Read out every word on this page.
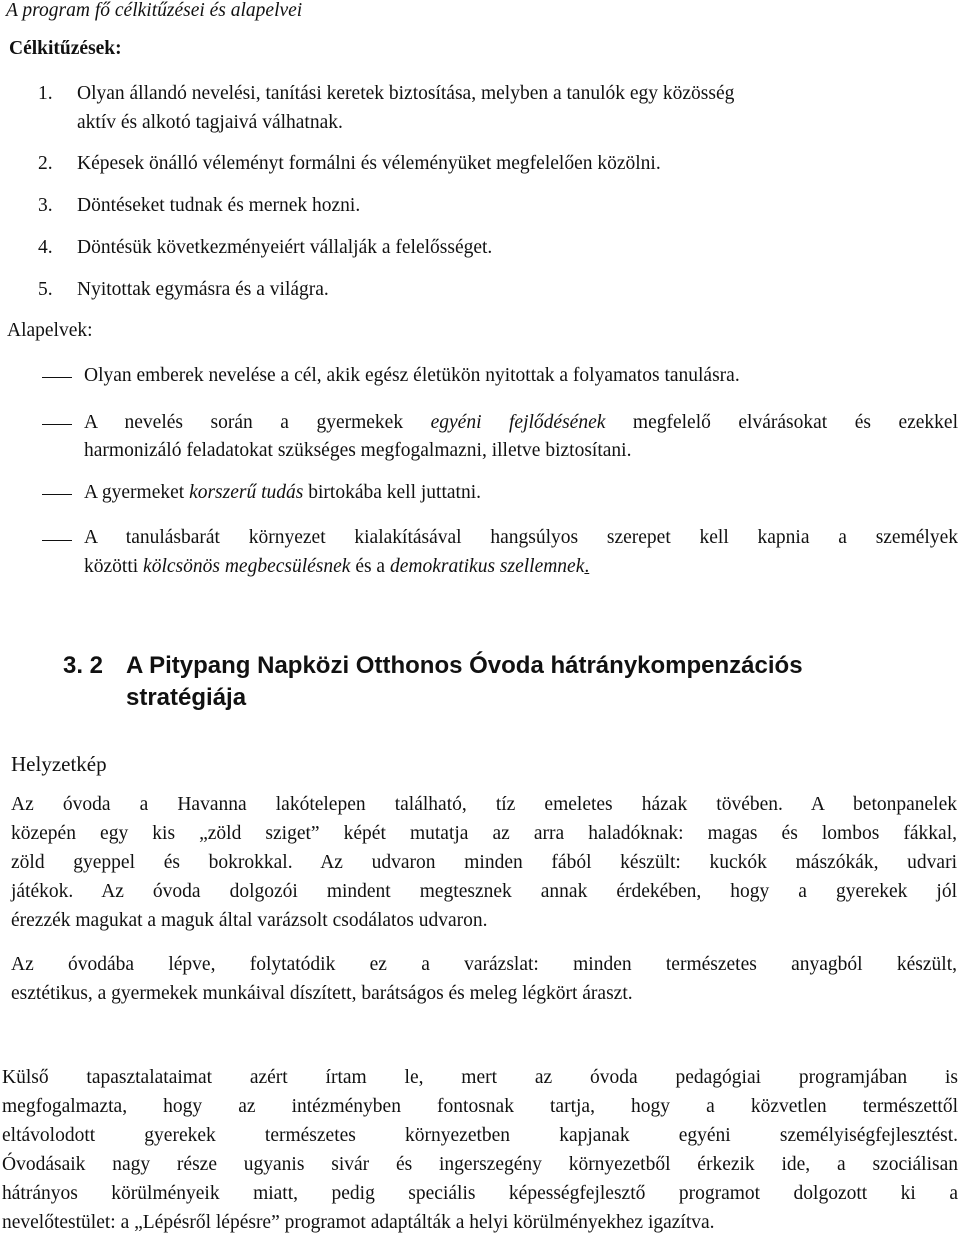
A program fő célkitűzései és alapelvei
Célkitűzések:
1. Olyan állandó nevelési, tanítási keretek biztosítása, melyben a tanulók egy közösség
aktív és alkotó tagjaivá válhatnak.
2. Képesek önálló véleményt formálni és véleményüket megfelelően közölni.
3. Döntéseket tudnak és mernek hozni.
4. Döntésük következményeiért vállalják a felelősséget.
5. Nyitottak egymásra és a világra.
Alapelvek:
Olyan emberek nevelése a cél, akik egész életükön nyitottak a folyamatos tanulásra.
A nevelés során a gyermekek egyéni fejlődésének megfelelő elvárásokat és ezekkel
harmonizáló feladatokat szükséges megfogalmazni, illetve biztosítani.
A gyermeket korszerű tudás birtokába kell juttatni.
A tanulásbarát környezet kialakításával hangsúlyos szerepet kell kapnia a személyek
közötti kölcsönös megbecsülésnek és a demokratikus szellemnek.
3. 2 A Pitypang Napközi Otthonos Óvoda hátránykompenzációs
stratégiája
Helyzetkép
Az óvoda a Havanna lakótelepen található, tíz emeletes házak tövében. A betonpanelek
közepén egy kis „zöld sziget” képét mutatja az arra haladóknak: magas és lombos fákkal,
zöld gyeppel és bokrokkal. Az udvaron minden fából készült: kuckók mászókák, udvari
játékok. Az óvoda dolgozói mindent megtesznek annak érdekében, hogy a gyerekek jól
érezzék magukat a maguk által varázsolt csodálatos udvaron.
Az óvodába lépve, folytatódik ez a varázslat: minden természetes anyagból készült,
esztétikus, a gyermekek munkáival díszített, barátságos és meleg légkört áraszt.
Külső tapasztalataimat azért írtam le, mert az óvoda pedagógiai programjában is
megfogalmazta, hogy az intézményben fontosnak tartja, hogy a közvetlen természettől
eltávolodott gyerekek természetes környezetben kapjanak egyéni személyiségfejlesztést.
Óvodásaik nagy része ugyanis sivár és ingerszegény környezetből érkezik ide, a szociálisan
hátrányos körülményeik miatt, pedig speciális képességfejlesztő programot dolgozott ki a
nevelőtestület: a „Lépésről lépésre” programot adaptálták a helyi körülményekhez igazítva.
